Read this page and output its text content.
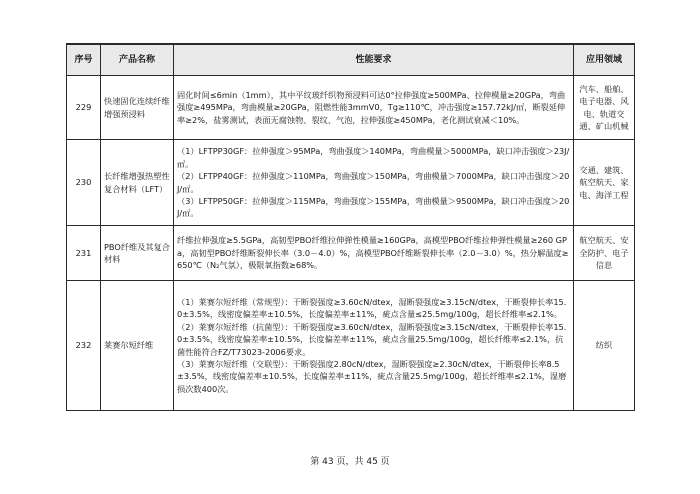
序号	产品名称	性能要求	应用领域
229	快速固化连续纤维增强预浸料	固化时间≤6min（1mm），其中平纹玻纤织物预浸料可达0°拉伸强度≥500MPa、拉伸模量≥20GPa，弯曲强度≥495MPa，弯曲模量≥20GPa，阻燃性能3mmV0，Tg≥110℃，冲击强度≥157.72kJ/㎡，断裂延伸率≥2%，盐雾测试，表面无腐蚀物、裂纹、气泡，拉伸强度≥450MPa，老化测试衰减＜10%。	汽车、船舶、电子电器、风电、轨道交通、矿山机械
230	长纤维增强热塑性复合材料（LFT）	（1）LFTPP30GF：拉伸强度＞95MPa，弯曲强度＞140MPa，弯曲模量＞5000MPa，缺口冲击强度＞23J/㎡。
（2）LFTPP40GF：拉伸强度＞110MPa，弯曲强度＞150MPa，弯曲模量＞7000MPa，缺口冲击强度＞20J/㎡。
（3）LFTPP50GF：拉伸强度＞115MPa，弯曲强度＞155MPa，弯曲模量＞9500MPa，缺口冲击强度＞20J/㎡。	交通、建筑、航空航天、家电、海洋工程
231	PBO纤维及其复合材料	纤维拉伸强度≥5.5GPa，高韧型PBO纤维拉伸弹性模量≥160GPa，高模型PBO纤维拉伸弹性模量≥260 GPa，高韧型PBO纤维断裂伸长率（3.0－4.0）%，高模型PBO纤维断裂伸长率（2.0－3.0）%，热分解温度≥650℃（N₂气氛），极限氧指数≥68%。	航空航天、安全防护、电子信息
232	莱赛尔短纤维	（1）莱赛尔短纤维（常规型）：干断裂强度≥3.60cN/dtex，湿断裂强度≥3.15cN/dtex，干断裂伸长率15.0±3.5%，线密度偏差率±10.5%，长度偏差率±11%，疵点含量≤25.5mg/100g，超长纤维率≤2.1%。
（2）莱赛尔短纤维（抗菌型）：干断裂强度≥3.60cN/dtex，湿断裂强度≥3.15cN/dtex，干断裂伸长率15.0±3.5%，线密度偏差率±10.5%，长度偏差率±11%，疵点含量25.5mg/100g，超长纤维率≤2.1%，抗菌性能符合FZ/T73023-2006要求。
（3）莱赛尔短纤维（交联型）：干断裂强度2.80cN/dtex，湿断裂强度≥2.30cN/dtex，干断裂伸长率8.5±3.5%，线密度偏差率±10.5%，长度偏差率±11%，疵点含量25.5mg/100g，超长纤维率≤2.1%，湿磨损次数400次。	纺织
第 43 页，共 45 页
